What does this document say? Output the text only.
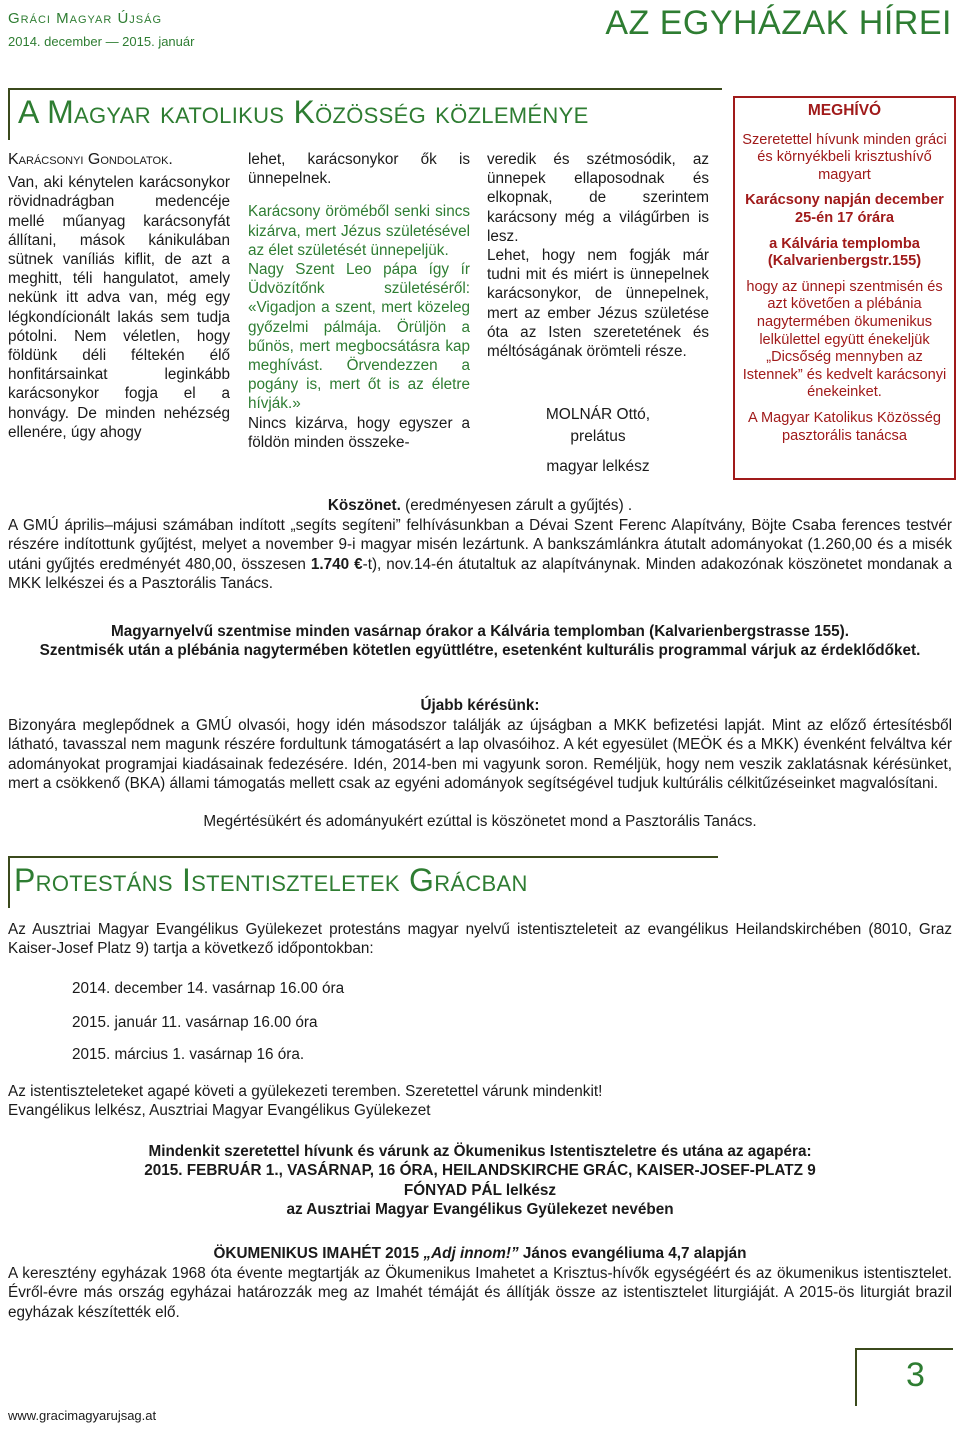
Gráci Magyar Újság
2014. december — 2015. január	AZ EGYHÁZAK HÍREI
A Magyar katolikus Közösség közleménye
Karácsonyi Gondolatok.
Van, aki kénytelen karácsonykor rövidnadrágban medencéje mellé műanyag karácsonyfát állítani, mások kánikulában sütnek vaníliás kiflit, de azt a meghitt, téli hangulatot, amely nekünk itt adva van, még egy légkondícionált lakás sem tudja pótolni. Nem véletlen, hogy földünk déli féltekén élő honfitársainkat leginkább karácsonykor fogja el a honvágy. De minden nehézség ellenére, úgy ahogy
lehet, karácsonykor ők is ünnepelnek.
Karácsony öröméből senki sincs kizárva, mert Jézus születésével az élet születését ünnepeljük.
Nagy Szent Leo pápa így ír Üdvözítőnk születéséről: «Vigadjon a szent, mert közeleg győzelmi pálmája. Örüljön a bűnös, mert megbocsátásra kap meghívást. Örvendezzen a pogány is, mert őt is az életre hívják.»
Nincs kizárva, hogy egyszer a földön minden összeke-
veredik és szétmosódik, az ünnepek ellaposodnak és elkopnak, de szerintem karácsony még a világűrben is lesz.
Lehet, hogy nem fogják már tudni mit és miért is ünnepelnek karácsonykor, de ünnepelnek, mert az ember Jézus születése óta az Isten szeretetének és méltóságának örömteli része.
MOLNÁR Ottó,
prelátus
magyar lelkész
MEGHÍVÓ
Szeretettel hívunk minden gráci és környékbeli krisztushívő magyart
Karácsony napján december 25-én 17 órára
a Kálvária templomba (Kalvarienbergstr.155)
hogy az ünnepi szentmisén és azt követően a plébánia nagytermében ökumenikus lelkülettel együtt énekeljük „Dicsőség mennyben az Istennek” és kedvelt karácsonyi énekeinket.
A Magyar Katolikus Közösség pasztorális tanácsa
Köszönet. (eredményesen zárult a gyűjtés) .
A GMÚ április–májusi számában indított „segíts segíteni” felhívásunkban a Dévai Szent Ferenc Alapítvány, Böjte Csaba ferences testvér részére indítottunk gyűjtést, melyet a november 9-i magyar misén lezártunk. A bankszámlánkra átutalt adományokat (1.260,00 és a misék utáni gyűjtés eredményét 480,00, összesen 1.740 €-t), nov.14-én átutaltuk az alapítványnak. Minden adakozónak köszönetet mondanak a MKK lelkészei és a Pasztorális Tanács.
Magyarnyelvű szentmise minden vasárnap órakor a Kálvária templomban (Kalvarienbergstrasse 155).
Szentmisék után a plébánia nagytermében kötetlen együttlétre, esetenként kulturális programmal várjuk az érdeklődőket.
Újabb kérésünk:
Bizonyára meglepődnek a GMÚ olvasói, hogy idén másodszor találják az újságban a MKK befizetési lapját. Mint az előző értesítésből látható, tavasszal nem magunk részére fordultunk támogatásért a lap olvasóihoz. A két egyesület (MEÖK és a MKK) évenként felváltva kér adományokat programjai kiadásainak fedezésére. Idén, 2014-ben mi vagyunk soron. Reméljük, hogy nem veszik zaklatásnak kérésünket, mert a csökkenő (BKA) állami támogatás mellett csak az egyéni adományok segítségével tudjuk kultúrális célkitűzéseinket magvalósítani.
Megértésükért és adományukért ezúttal is köszönetet mond a Pasztorális Tanács.
Protestáns Istentiszteletek Grácban
Az Ausztriai Magyar Evangélikus Gyülekezet protestáns magyar nyelvű istentiszteleteit az evangélikus Heilandskirchében (8010, Graz Kaiser-Josef Platz 9) tartja a következő időpontokban:
2014. december 14. vasárnap 16.00 óra
2015. január 11. vasárnap 16.00 óra
2015. március 1. vasárnap 16 óra.
Az istentiszteleteket agapé követi a gyülekezeti teremben. Szeretettel várunk mindenkit!
Evangélikus lelkész, Ausztriai Magyar Evangélikus Gyülekezet
Mindenkit szeretettel hívunk és várunk az Ökumenikus Istentiszteletre és utána az agapéra:
2015. FEBRUÁR 1., VASÁRNAP, 16 ÓRA, HEILANDSKIRCHE GRÁC, KAISER-JOSEF-PLATZ 9
FÓNYAD PÁL lelkész
az Ausztriai Magyar Evangélikus Gyülekezet nevében
ÖKUMENIKUS IMAHÉT 2015 „Adj innom!” János evangéliuma 4,7 alapján
A keresztény egyházak 1968 óta évente megtartják az Ökumenikus Imahetet a Krisztus-hívők egységéért és az ökumenikus istentisztelet. Évről-évre más ország egyházai határozzák meg az Imahét témáját és állítják össze az istentisztelet liturgiáját. A 2015-ös liturgiát brazil egyházak készítették elő.
3
www.gracimagyarujsag.at
